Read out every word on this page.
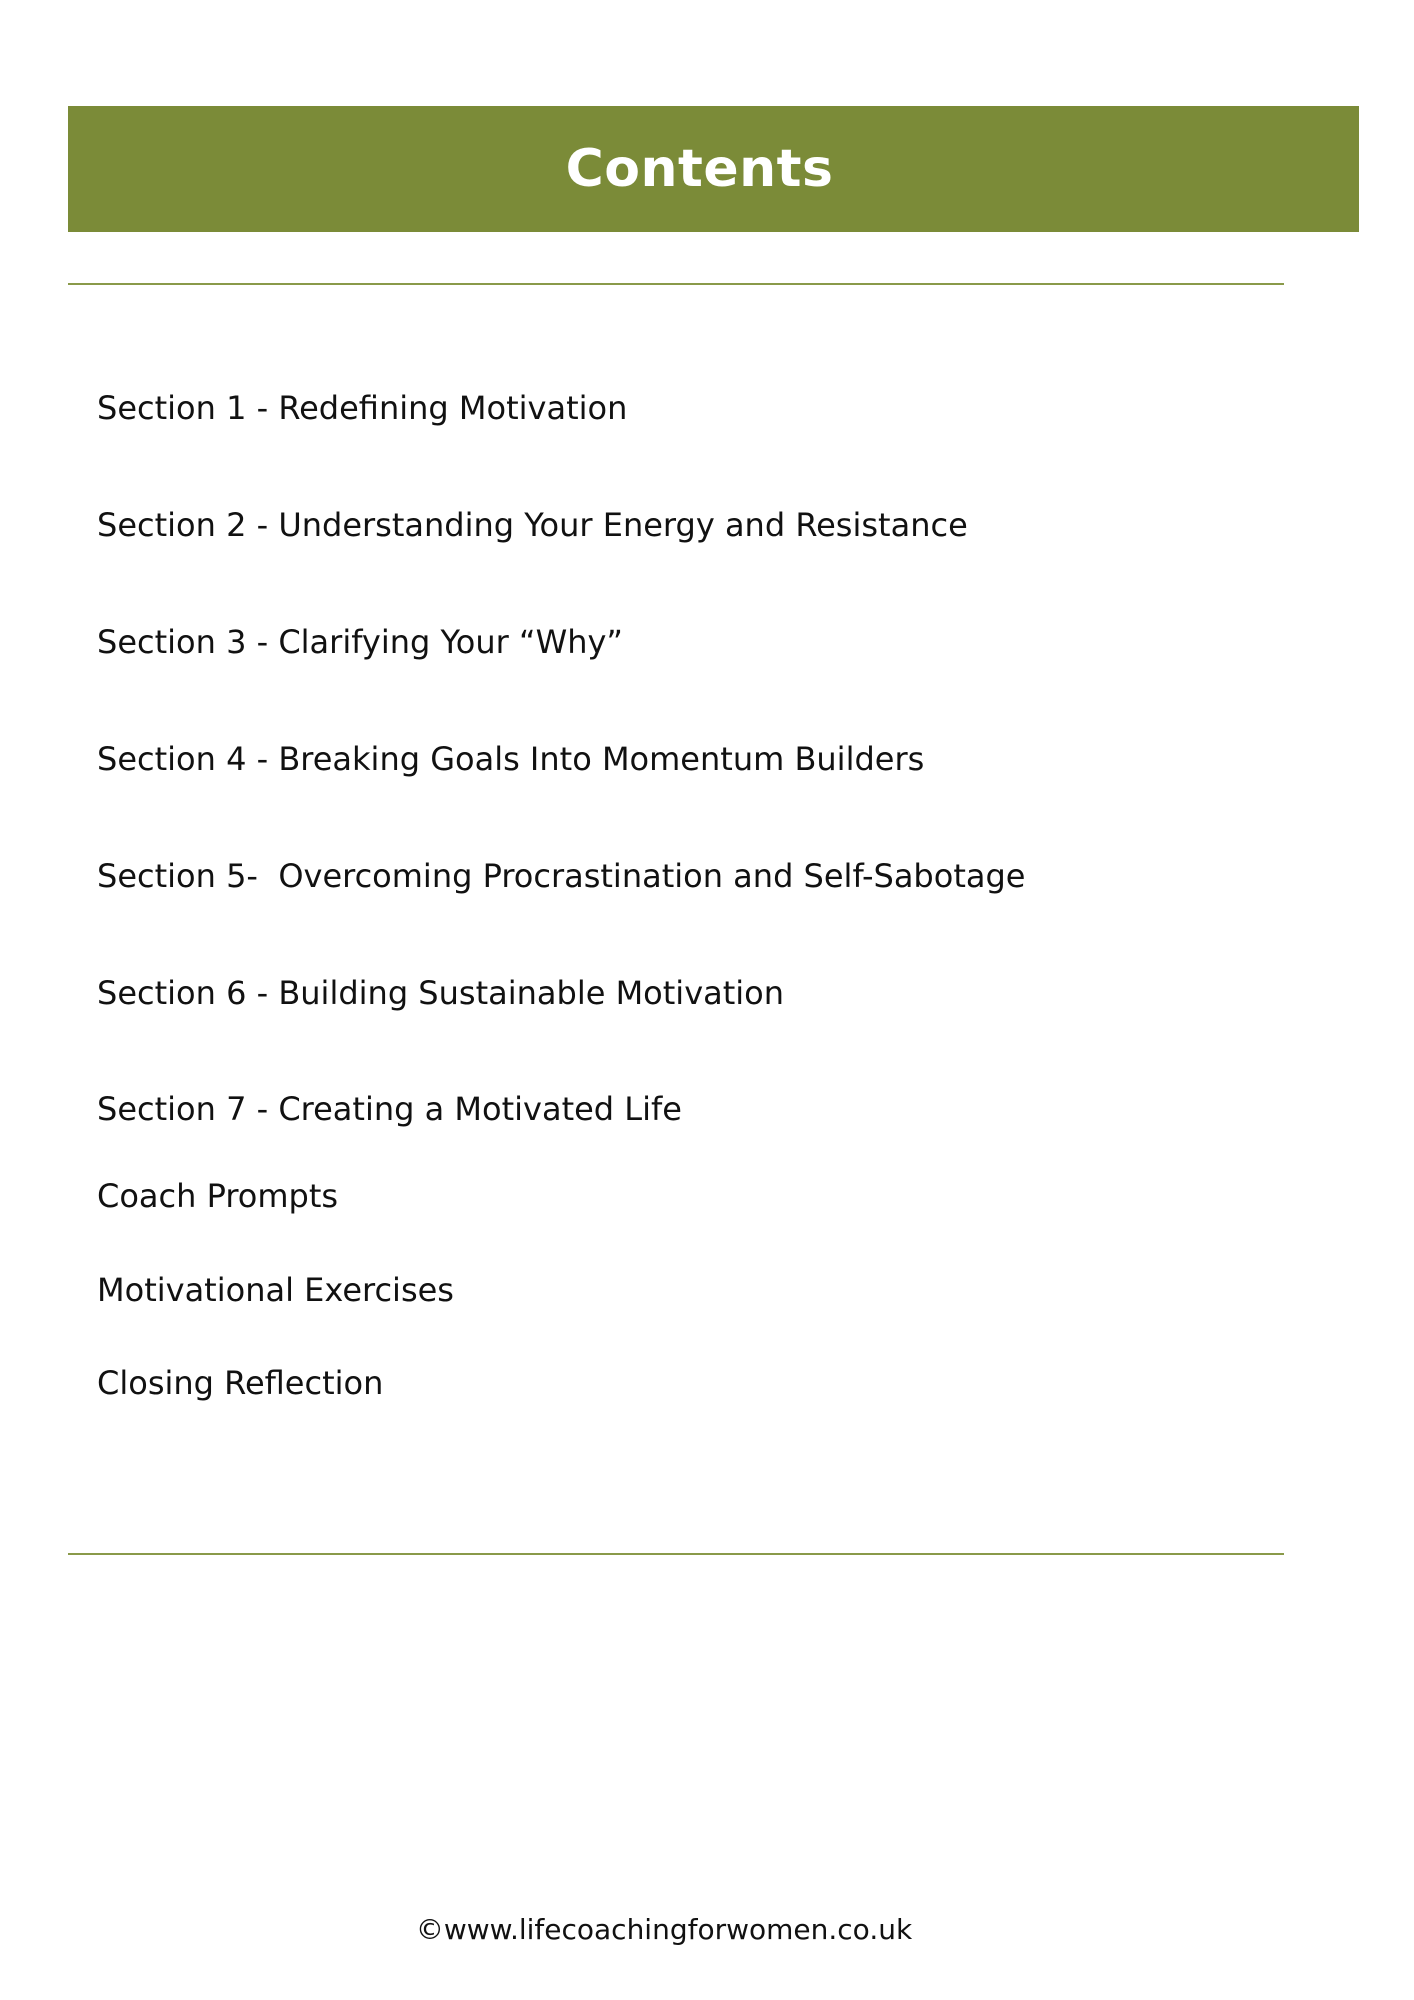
Contents
Section 1 - Redefining Motivation
Section 2 - Understanding Your Energy and Resistance
Section 3 - Clarifying Your “Why”
Section 4 - Breaking Goals Into Momentum Builders
Section 5-  Overcoming Procrastination and Self-Sabotage
Section 6 - Building Sustainable Motivation
Section 7 - Creating a Motivated Life
Coach Prompts
Motivational Exercises
Closing Reflection
©www.lifecoachingforwomen.co.uk
